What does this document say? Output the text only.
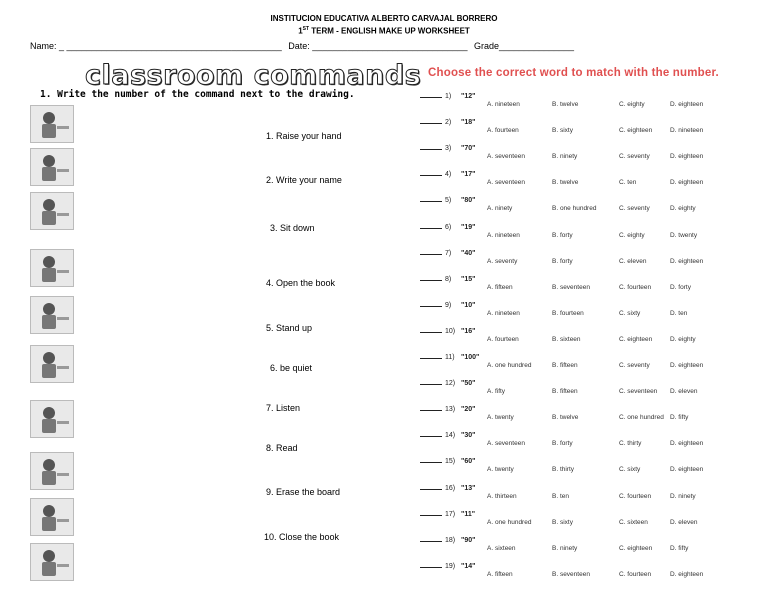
INSTITUCION EDUCATIVA ALBERTO CARVAJAL BORRERO
1ST TERM - ENGLISH MAKE UP WORKSHEET
Name: _ ___________________________________________ Date: _______________________________ Grade_______________
classroom commands
1. Write the number of the command next to the drawing.
1. Raise your hand
2. Write your name
3. Sit down
4. Open the book
5. Stand up
6. be quiet
7. Listen
8. Read
9. Erase the board
10. Close the book
Choose the correct word to match with the number.
1) "12"
A. nineteen	B. twelve	C. eighty	D. eighteen
2) "18"
A. fourteen	B. sixty	C. eighteen	D. nineteen
3) "70"
A. seventeen	B. ninety	C. seventy	D. eighteen
4) "17"
A. seventeen	B. twelve	C. ten	D. eighteen
5) "80"
A. ninety	B. one hundred	C. seventy	D. eighty
6) "19"
A. nineteen	B. forty	C. eighty	D. twenty
7) "40"
A. seventy	B. forty	C. eleven	D. eighteen
8) "15"
A. fifteen	B. seventeen	C. fourteen	D. forty
9) "10"
A. nineteen	B. fourteen	C. sixty	D. ten
10) "16"
A. fourteen	B. sixteen	C. eighteen	D. eighty
11) "100"
A. one hundred	B. fifteen	C. seventy	D. eighteen
12) "50"
A. fifty	B. fifteen	C. seventeen D. eleven
13) "20"
A. twenty	B. twelve	C. one hundred D. fifty
14) "30"
A. seventeen	B. forty	C. thirty	D. eighteen
15) "60"
A. twenty	B. thirty	C. sixty	D. eighteen
16) "13"
A. thirteen	B. ten	C. fourteen	D. ninety
17) "11"
A. one hundred	B. sixty	C. sixteen	D. eleven
18) "90"
A. sixteen	B. ninety	C. eighteen	D. fifty
19) "14"
A. fifteen	B. seventeen	C. fourteen	D. eighteen
